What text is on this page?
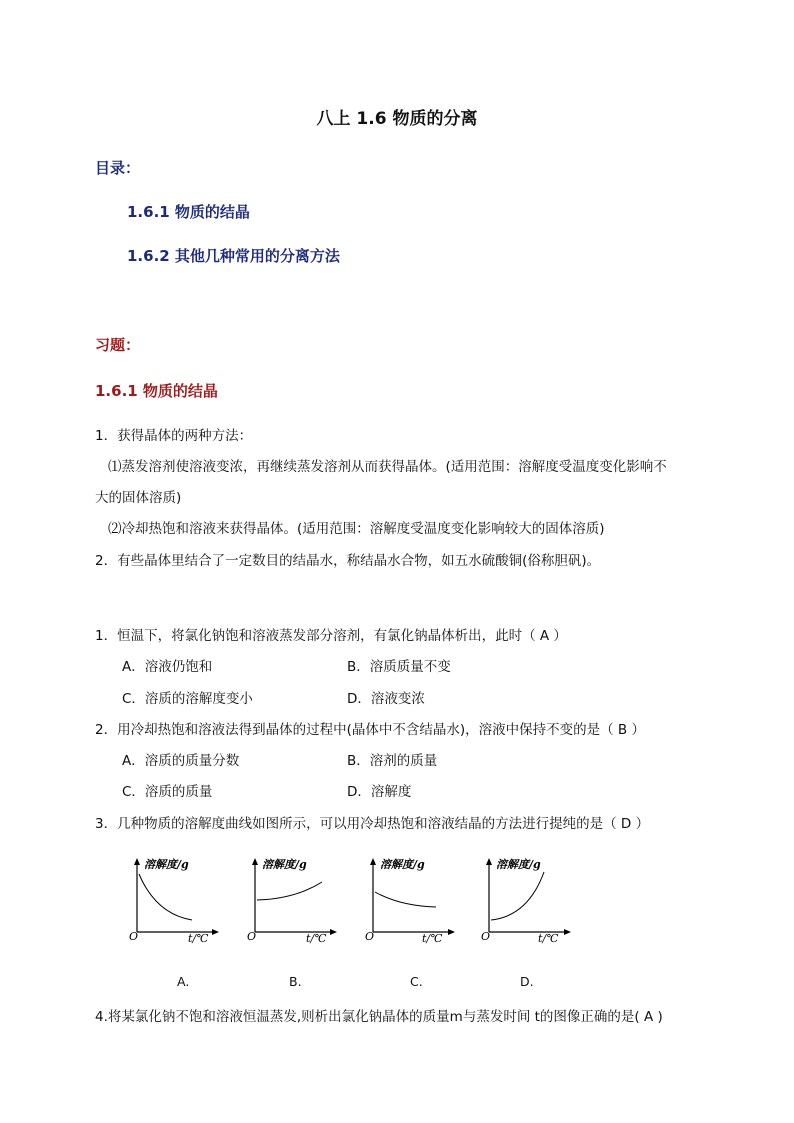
八上 1.6 物质的分离
目录：
1.6.1 物质的结晶
1.6.2 其他几种常用的分离方法
习题：
1.6.1 物质的结晶
1．获得晶体的两种方法：
⑴蒸发溶剂使溶液变浓，再继续蒸发溶剂从而获得晶体。(适用范围：溶解度受温度变化影响不
大的固体溶质)
⑵冷却热饱和溶液来获得晶体。(适用范围：溶解度受温度变化影响较大的固体溶质)
2．有些晶体里结合了一定数目的结晶水，称结晶水合物，如五水硫酸铜(俗称胆矾)。
1．恒温下，将氯化钠饱和溶液蒸发部分溶剂，有氯化钠晶体析出，此时（ A ）
A．溶液仍饱和	B．溶质质量不变
C．溶质的溶解度变小	D．溶液变浓
2．用冷却热饱和溶液法得到晶体的过程中(晶体中不含结晶水)，溶液中保持不变的是（ B ）
A．溶质的质量分数	B．溶剂的质量
C．溶质的质量	D．溶解度
3．几种物质的溶解度曲线如图所示，可以用冷却热饱和溶液结晶的方法进行提纯的是（ D ）
溶解度/g
O	t/℃
溶解度/g
O	t/℃
溶解度/g
O	t/℃
溶解度/g
O	t/℃
A.	B.	C.	D.
4.将某氯化钠不饱和溶液恒温蒸发,则析出氯化钠晶体的质量m与蒸发时间 t的图像正确的是( A )
